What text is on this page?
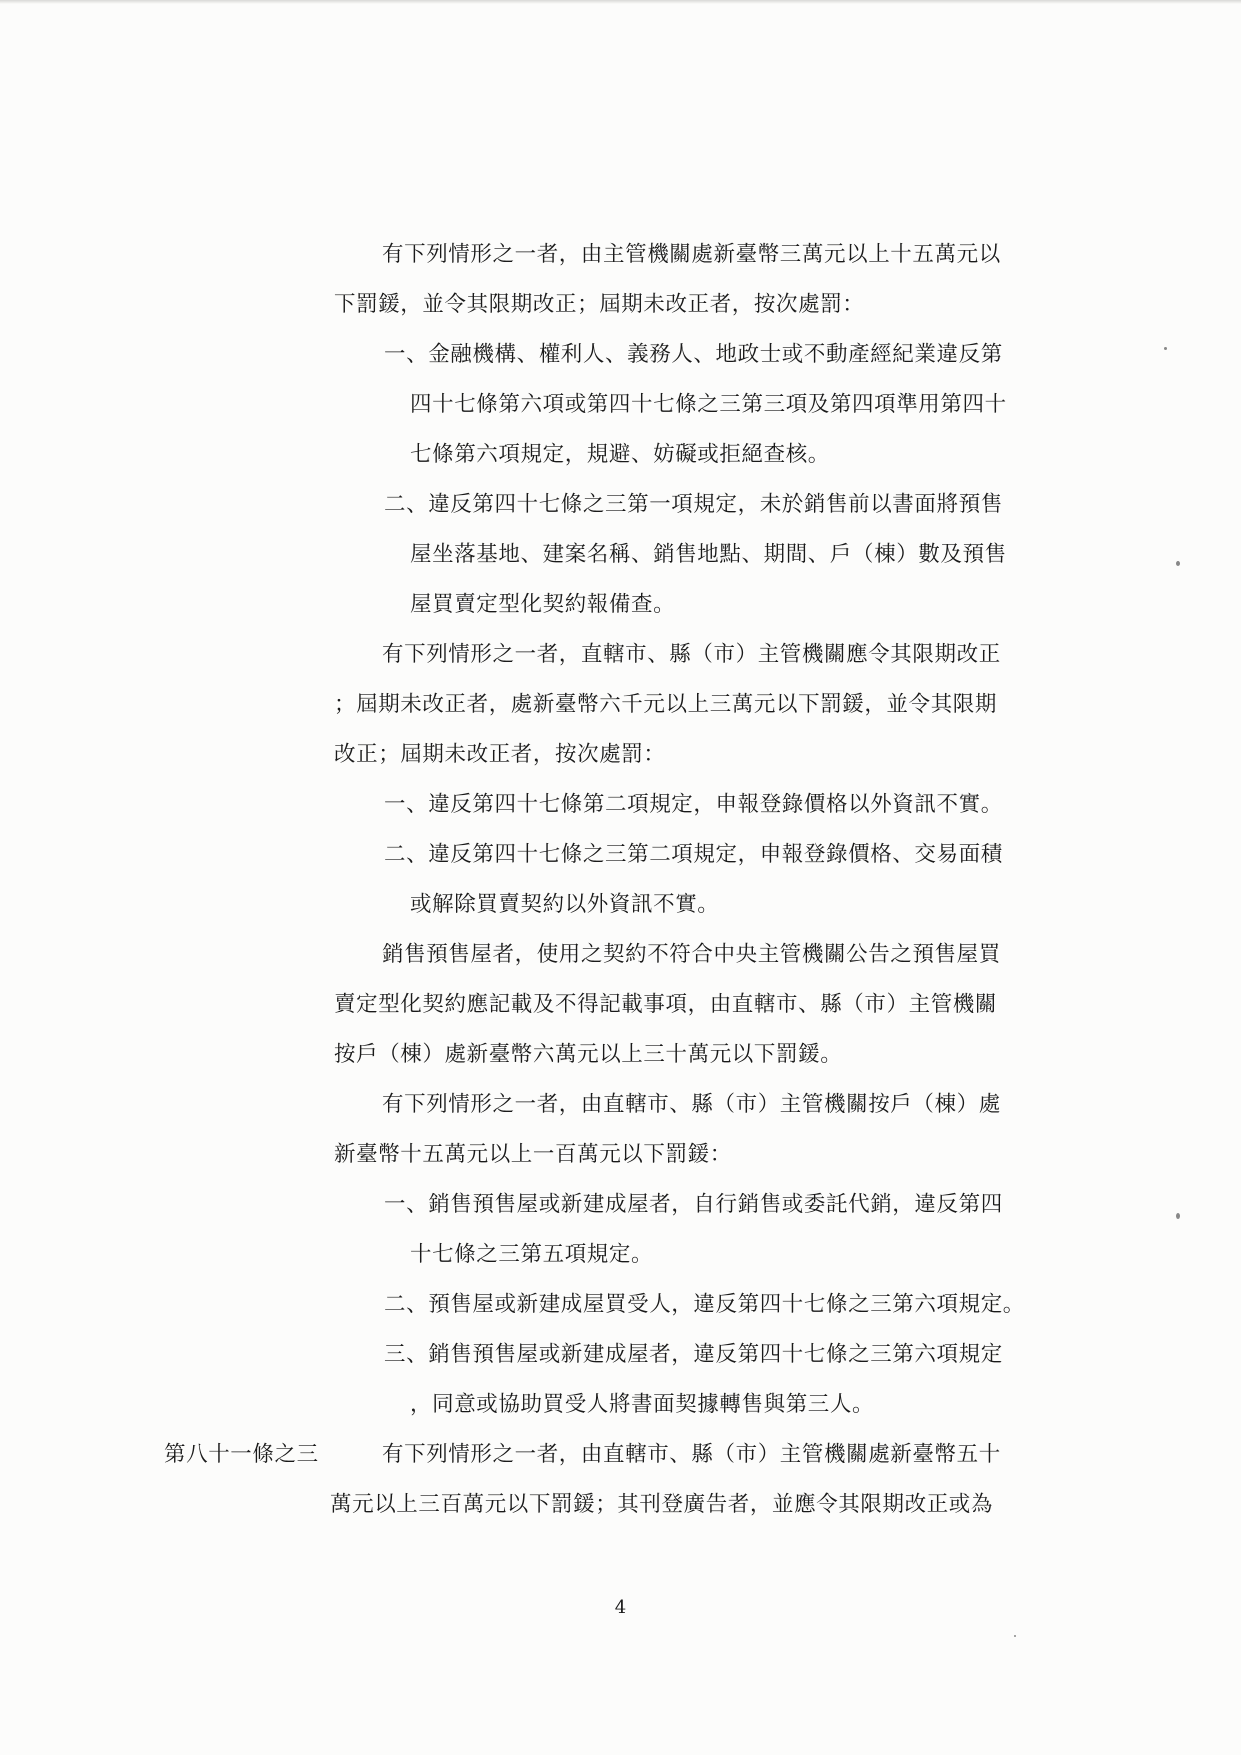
有下列情形之一者，由主管機關處新臺幣三萬元以上十五萬元以
下罰鍰，並令其限期改正；屆期未改正者，按次處罰：
一、金融機構、權利人、義務人、地政士或不動產經紀業違反第
四十七條第六項或第四十七條之三第三項及第四項準用第四十
七條第六項規定，規避、妨礙或拒絕查核。
二、違反第四十七條之三第一項規定，未於銷售前以書面將預售
屋坐落基地、建案名稱、銷售地點、期間、戶（棟）數及預售
屋買賣定型化契約報備查。
有下列情形之一者，直轄市、縣（市）主管機關應令其限期改正
；屆期未改正者，處新臺幣六千元以上三萬元以下罰鍰，並令其限期
改正；屆期未改正者，按次處罰：
一、違反第四十七條第二項規定，申報登錄價格以外資訊不實。
二、違反第四十七條之三第二項規定，申報登錄價格、交易面積
或解除買賣契約以外資訊不實。
銷售預售屋者，使用之契約不符合中央主管機關公告之預售屋買
賣定型化契約應記載及不得記載事項，由直轄市、縣（市）主管機關
按戶（棟）處新臺幣六萬元以上三十萬元以下罰鍰。
有下列情形之一者，由直轄市、縣（市）主管機關按戶（棟）處
新臺幣十五萬元以上一百萬元以下罰鍰：
一、銷售預售屋或新建成屋者，自行銷售或委託代銷，違反第四
十七條之三第五項規定。
二、預售屋或新建成屋買受人，違反第四十七條之三第六項規定。
三、銷售預售屋或新建成屋者，違反第四十七條之三第六項規定
，同意或協助買受人將書面契據轉售與第三人。
第八十一條之三	有下列情形之一者，由直轄市、縣（市）主管機關處新臺幣五十
萬元以上三百萬元以下罰鍰；其刊登廣告者，並應令其限期改正或為
4
